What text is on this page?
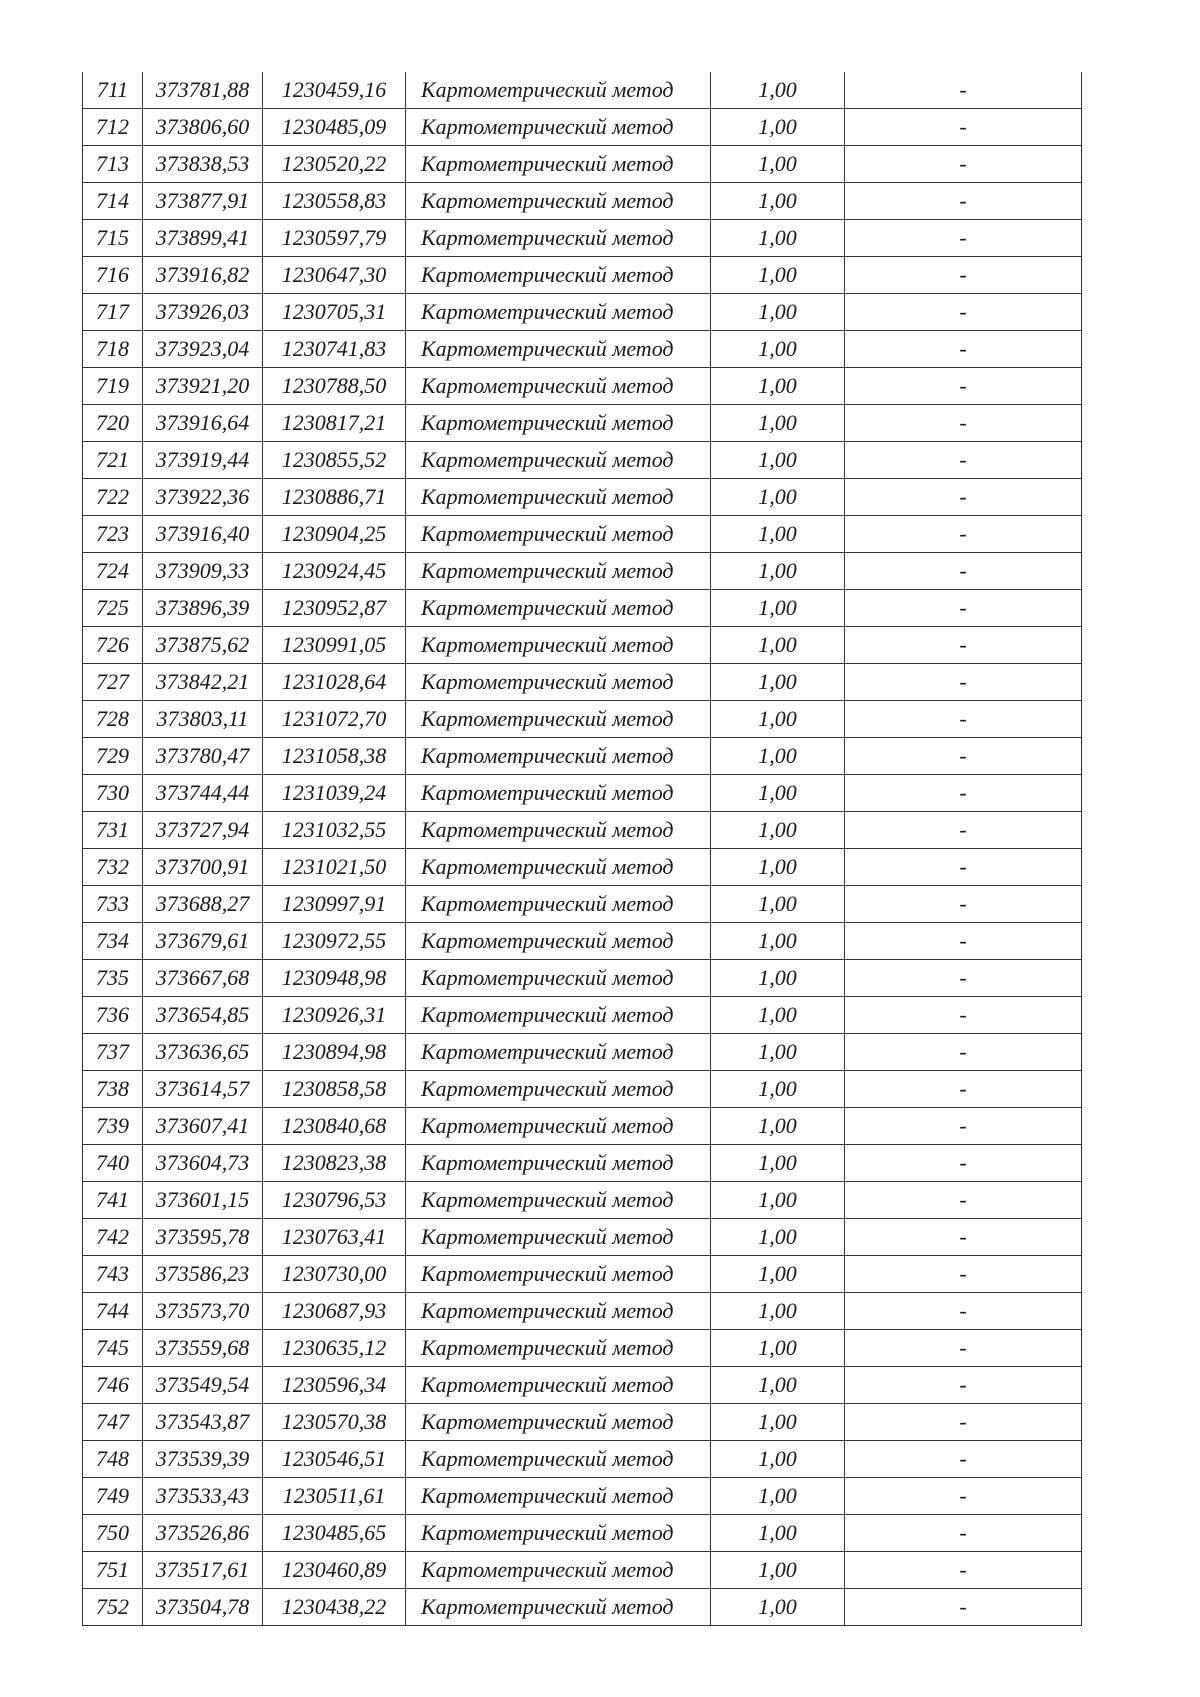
711	373781,88	1230459,16	Картометрический метод	1,00	-
712	373806,60	1230485,09	Картометрический метод	1,00	-
713	373838,53	1230520,22	Картометрический метод	1,00	-
714	373877,91	1230558,83	Картометрический метод	1,00	-
715	373899,41	1230597,79	Картометрический метод	1,00	-
716	373916,82	1230647,30	Картометрический метод	1,00	-
717	373926,03	1230705,31	Картометрический метод	1,00	-
718	373923,04	1230741,83	Картометрический метод	1,00	-
719	373921,20	1230788,50	Картометрический метод	1,00	-
720	373916,64	1230817,21	Картометрический метод	1,00	-
721	373919,44	1230855,52	Картометрический метод	1,00	-
722	373922,36	1230886,71	Картометрический метод	1,00	-
723	373916,40	1230904,25	Картометрический метод	1,00	-
724	373909,33	1230924,45	Картометрический метод	1,00	-
725	373896,39	1230952,87	Картометрический метод	1,00	-
726	373875,62	1230991,05	Картометрический метод	1,00	-
727	373842,21	1231028,64	Картометрический метод	1,00	-
728	373803,11	1231072,70	Картометрический метод	1,00	-
729	373780,47	1231058,38	Картометрический метод	1,00	-
730	373744,44	1231039,24	Картометрический метод	1,00	-
731	373727,94	1231032,55	Картометрический метод	1,00	-
732	373700,91	1231021,50	Картометрический метод	1,00	-
733	373688,27	1230997,91	Картометрический метод	1,00	-
734	373679,61	1230972,55	Картометрический метод	1,00	-
735	373667,68	1230948,98	Картометрический метод	1,00	-
736	373654,85	1230926,31	Картометрический метод	1,00	-
737	373636,65	1230894,98	Картометрический метод	1,00	-
738	373614,57	1230858,58	Картометрический метод	1,00	-
739	373607,41	1230840,68	Картометрический метод	1,00	-
740	373604,73	1230823,38	Картометрический метод	1,00	-
741	373601,15	1230796,53	Картометрический метод	1,00	-
742	373595,78	1230763,41	Картометрический метод	1,00	-
743	373586,23	1230730,00	Картометрический метод	1,00	-
744	373573,70	1230687,93	Картометрический метод	1,00	-
745	373559,68	1230635,12	Картометрический метод	1,00	-
746	373549,54	1230596,34	Картометрический метод	1,00	-
747	373543,87	1230570,38	Картометрический метод	1,00	-
748	373539,39	1230546,51	Картометрический метод	1,00	-
749	373533,43	1230511,61	Картометрический метод	1,00	-
750	373526,86	1230485,65	Картометрический метод	1,00	-
751	373517,61	1230460,89	Картометрический метод	1,00	-
752	373504,78	1230438,22	Картометрический метод	1,00	-
